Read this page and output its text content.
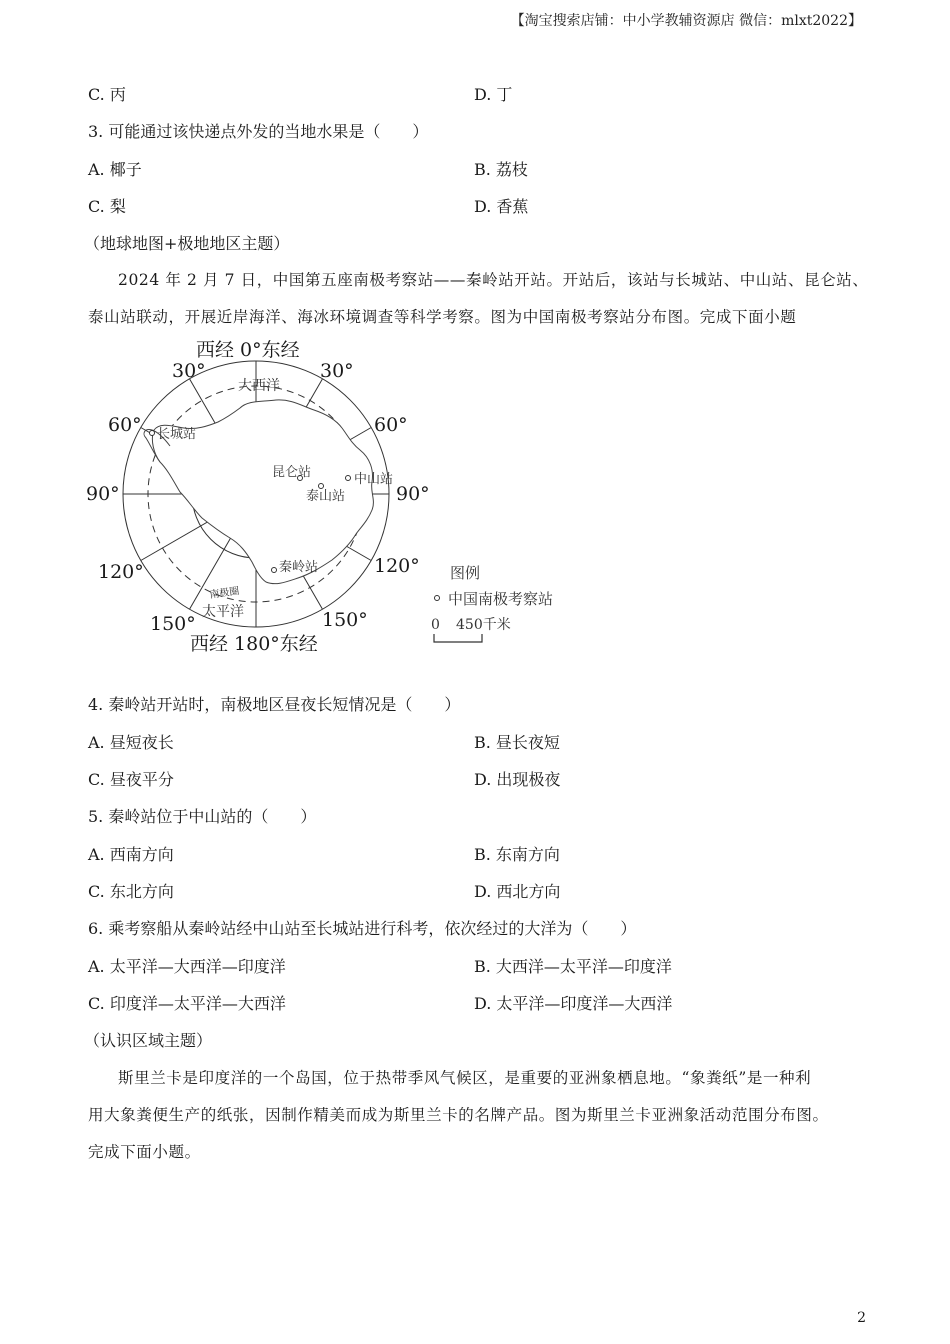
【淘宝搜索店铺：中小学教辅资源店 微信：mlxt2022】
C. 丙	D. 丁
3. 可能通过该快递点外发的当地水果是（　　）
A. 椰子	B. 荔枝
C. 梨	D. 香蕉
（地球地图+极地地区主题）
2024 年 2 月 7 日，中国第五座南极考察站——秦岭站开站。开站后，该站与长城站、中山站、昆仑站、
泰山站联动，开展近岸海洋、海冰环境调查等科学考察。图为中国南极考察站分布图。完成下面小题
西经 0°东经
30°	30°
60°	60°
90°	90°
120°	120°
150°	150°
西经 180°东经
大西洋
太平洋
南极圈
长城站
昆仑站	中山站
泰山站
秦岭站	图例
中国南极考察站
0 450千米
4. 秦岭站开站时，南极地区昼夜长短情况是（　　）
A. 昼短夜长	B. 昼长夜短
C. 昼夜平分	D. 出现极夜
5. 秦岭站位于中山站的（　　）
A. 西南方向	B. 东南方向
C. 东北方向	D. 西北方向
6. 乘考察船从秦岭站经中山站至长城站进行科考，依次经过的大洋为（　　）
A. 太平洋—大西洋—印度洋	B. 大西洋—太平洋—印度洋
C. 印度洋—太平洋—大西洋	D. 太平洋—印度洋—大西洋
（认识区域主题）
斯里兰卡是印度洋的一个岛国，位于热带季风气候区，是重要的亚洲象栖息地。“象粪纸”是一种利
用大象粪便生产的纸张，因制作精美而成为斯里兰卡的名牌产品。图为斯里兰卡亚洲象活动范围分布图。
完成下面小题。
2
